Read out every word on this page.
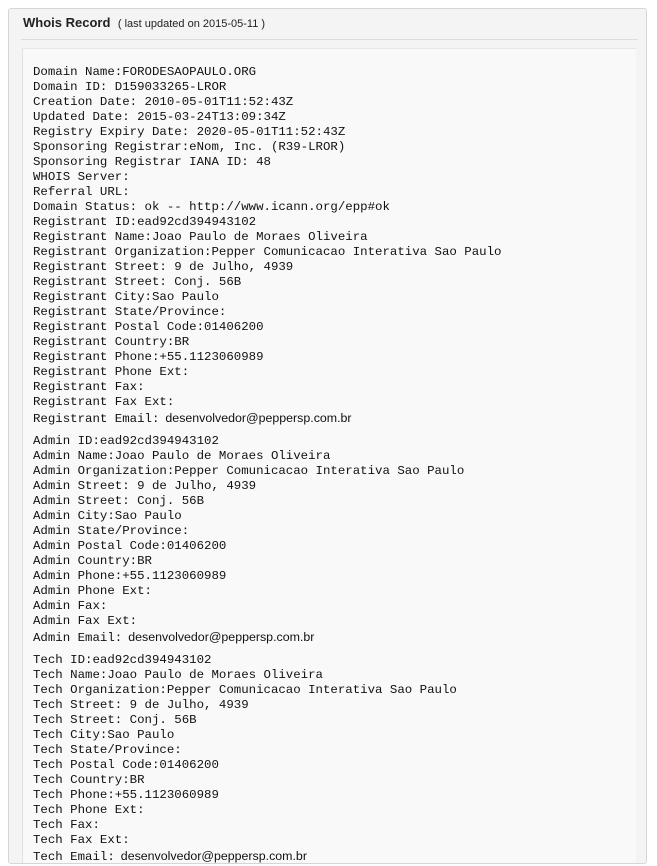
Whois Record ( last updated on 2015-05-11 )
Domain Name:FORODESAOPAULO.ORG
Domain ID: D159033265-LROR
Creation Date: 2010-05-01T11:52:43Z
Updated Date: 2015-03-24T13:09:34Z
Registry Expiry Date: 2020-05-01T11:52:43Z
Sponsoring Registrar:eNom, Inc. (R39-LROR)
Sponsoring Registrar IANA ID: 48
WHOIS Server:
Referral URL:
Domain Status: ok -- http://www.icann.org/epp#ok
Registrant ID:ead92cd394943102
Registrant Name:Joao Paulo de Moraes Oliveira
Registrant Organization:Pepper Comunicacao Interativa Sao Paulo
Registrant Street: 9 de Julho, 4939
Registrant Street: Conj. 56B
Registrant City:Sao Paulo
Registrant State/Province:
Registrant Postal Code:01406200
Registrant Country:BR
Registrant Phone:+55.1123060989
Registrant Phone Ext:
Registrant Fax:
Registrant Fax Ext:
Registrant Email: desenvolvedor@peppersp.com.br
Admin ID:ead92cd394943102
Admin Name:Joao Paulo de Moraes Oliveira
Admin Organization:Pepper Comunicacao Interativa Sao Paulo
Admin Street: 9 de Julho, 4939
Admin Street: Conj. 56B
Admin City:Sao Paulo
Admin State/Province:
Admin Postal Code:01406200
Admin Country:BR
Admin Phone:+55.1123060989
Admin Phone Ext:
Admin Fax:
Admin Fax Ext:
Admin Email: desenvolvedor@peppersp.com.br
Tech ID:ead92cd394943102
Tech Name:Joao Paulo de Moraes Oliveira
Tech Organization:Pepper Comunicacao Interativa Sao Paulo
Tech Street: 9 de Julho, 4939
Tech Street: Conj. 56B
Tech City:Sao Paulo
Tech State/Province:
Tech Postal Code:01406200
Tech Country:BR
Tech Phone:+55.1123060989
Tech Phone Ext:
Tech Fax:
Tech Fax Ext:
Tech Email: desenvolvedor@peppersp.com.br
